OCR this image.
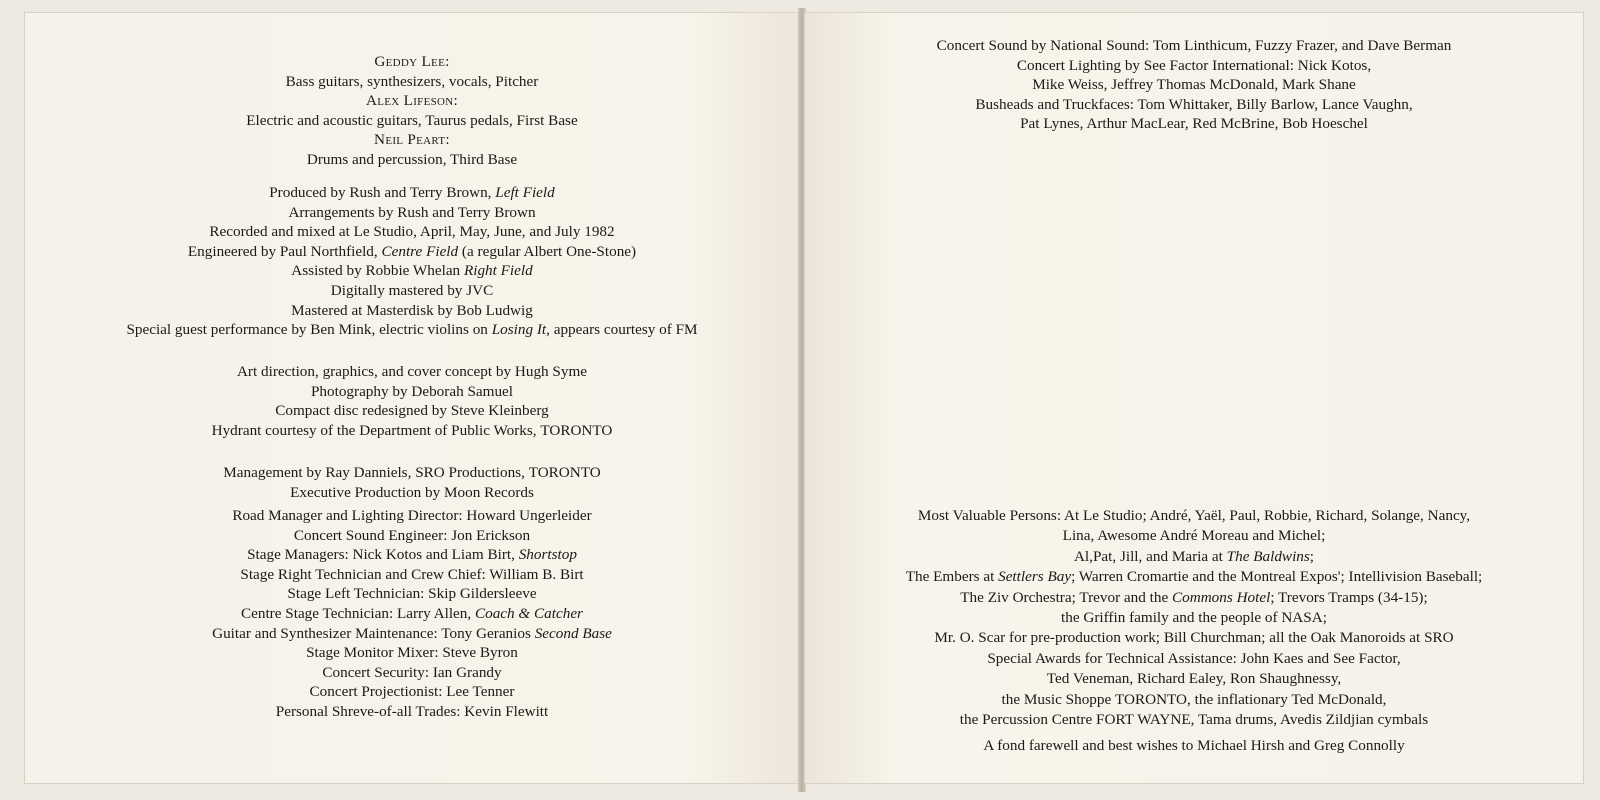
Geddy Lee:
Bass guitars, synthesizers, vocals, Pitcher
Alex Lifeson:
Electric and acoustic guitars, Taurus pedals, First Base
Neil Peart:
Drums and percussion, Third Base
Produced by Rush and Terry Brown, Left Field
Arrangements by Rush and Terry Brown
Recorded and mixed at Le Studio, April, May, June, and July 1982
Engineered by Paul Northfield, Centre Field (a regular Albert One-Stone)
Assisted by Robbie Whelan Right Field
Digitally mastered by JVC
Mastered at Masterdisk by Bob Ludwig
Special guest performance by Ben Mink, electric violins on Losing It, appears courtesy of FM
Art direction, graphics, and cover concept by Hugh Syme
Photography by Deborah Samuel
Compact disc redesigned by Steve Kleinberg
Hydrant courtesy of the Department of Public Works, TORONTO
Management by Ray Danniels, SRO Productions, TORONTO
Executive Production by Moon Records
Road Manager and Lighting Director: Howard Ungerleider
Concert Sound Engineer: Jon Erickson
Stage Managers: Nick Kotos and Liam Birt, Shortstop
Stage Right Technician and Crew Chief: William B. Birt
Stage Left Technician: Skip Gildersleeve
Centre Stage Technician: Larry Allen, Coach & Catcher
Guitar and Synthesizer Maintenance: Tony Geranios Second Base
Stage Monitor Mixer: Steve Byron
Concert Security: Ian Grandy
Concert Projectionist: Lee Tenner
Personal Shreve-of-all Trades: Kevin Flewitt
Concert Sound by National Sound: Tom Linthicum, Fuzzy Frazer, and Dave Berman
Concert Lighting by See Factor International: Nick Kotos,
Mike Weiss, Jeffrey Thomas McDonald, Mark Shane
Busheads and Truckfaces: Tom Whittaker, Billy Barlow, Lance Vaughn,
Pat Lynes, Arthur MacLear, Red McBrine, Bob Hoeschel
Most Valuable Persons: At Le Studio; André, Yaël, Paul, Robbie, Richard, Solange, Nancy,
Lina, Awesome André Moreau and Michel;
Al,Pat, Jill, and Maria at The Baldwins;
The Embers at Settlers Bay; Warren Cromartie and the Montreal Expos'; Intellivision Baseball;
The Ziv Orchestra; Trevor and the Commons Hotel; Trevors Tramps (34-15);
the Griffin family and the people of NASA;
Mr. O. Scar for pre-production work; Bill Churchman; all the Oak Manoroids at SRO
Special Awards for Technical Assistance: John Kaes and See Factor,
Ted Veneman, Richard Ealey, Ron Shaughnessy,
the Music Shoppe TORONTO, the inflationary Ted McDonald,
the Percussion Centre FORT WAYNE, Tama drums, Avedis Zildjian cymbals
A fond farewell and best wishes to Michael Hirsh and Greg Connolly
